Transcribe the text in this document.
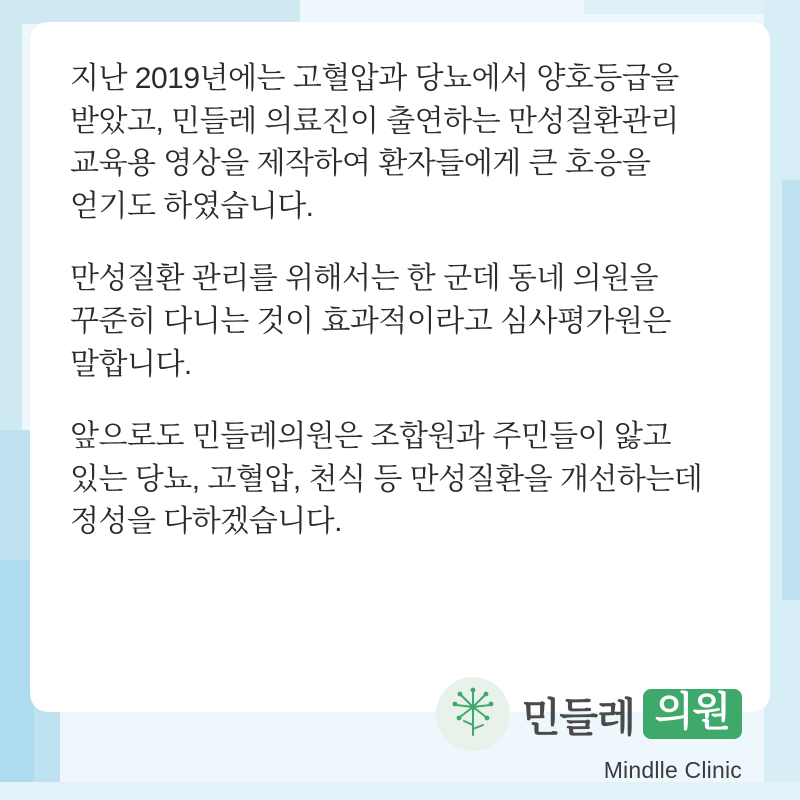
지난 2019년에는 고혈압과 당뇨에서 양호등급을 받았고, 민들레 의료진이 출연하는 만성질환관리 교육용 영상을 제작하여 환자들에게 큰 호응을 얻기도 하였습니다.

만성질환 관리를 위해서는 한 군데 동네 의원을 꾸준히 다니는 것이 효과적이라고 심사평가원은 말합니다.

앞으로도 민들레의원은 조합원과 주민들이 앓고 있는 당뇨, 고혈압, 천식 등 만성질환을 개선하는데 정성을 다하겠습니다.

민들레 의원
Mindlle Clinic
